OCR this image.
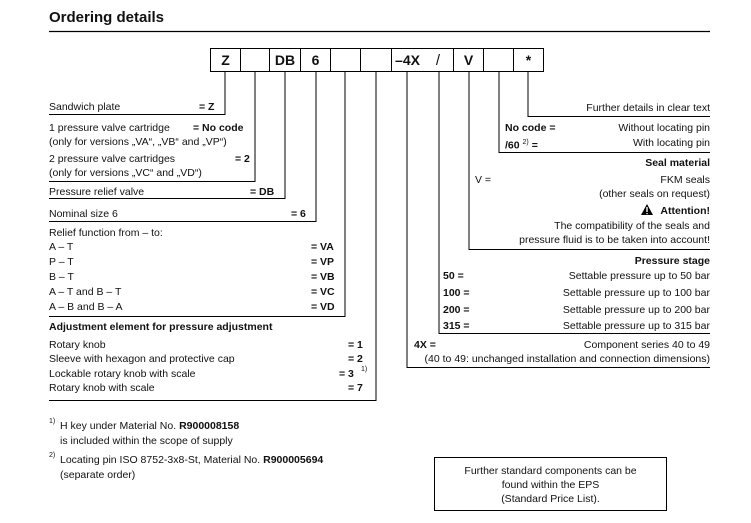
Ordering details
Z	DB 6	–4X / V	*
Sandwich plate	= Z
1 pressure valve cartridge = No code
(only for versions „VA“, „VB“ and „VP“)
2 pressure valve cartridges	= 2
(only for versions „VC“ and „VD“)
Pressure relief valve	= DB
Nominal size 6	= 6
Relief function from – to:
A – T	= VA
P – T	= VP
B – T	= VB
A – T and B – T	= VC
A – B and B – A	= VD
Adjustment element for pressure adjustment
Rotary knob	= 1
Sleeve with hexagon and protective cap	= 2
Lockable rotary knob with scale	= 3 1)
Rotary knob with scale	= 7
Further details in clear text
No code =	Without locating pin
/60 $^{2)}$ =	With locating pin
Seal material
V =	FKM seals
(other seals on request)
Attention!
The compatibility of the seals and
pressure fluid is to be taken into account!
Pressure stage
50 =	Settable pressure up to 50 bar
100 =	Settable pressure up to 100 bar
200 =	Settable pressure up to 200 bar
315 =	Settable pressure up to 315 bar
4X =	Component series 40 to 49
(40 to 49: unchanged installation and connection dimensions)
1) H key under Material No. R900008158
is included within the scope of supply
2) Locating pin ISO 8752-3x8-St, Material No. R900005694
(separate order)	Further standard components can be
found within the EPS
(Standard Price List).
